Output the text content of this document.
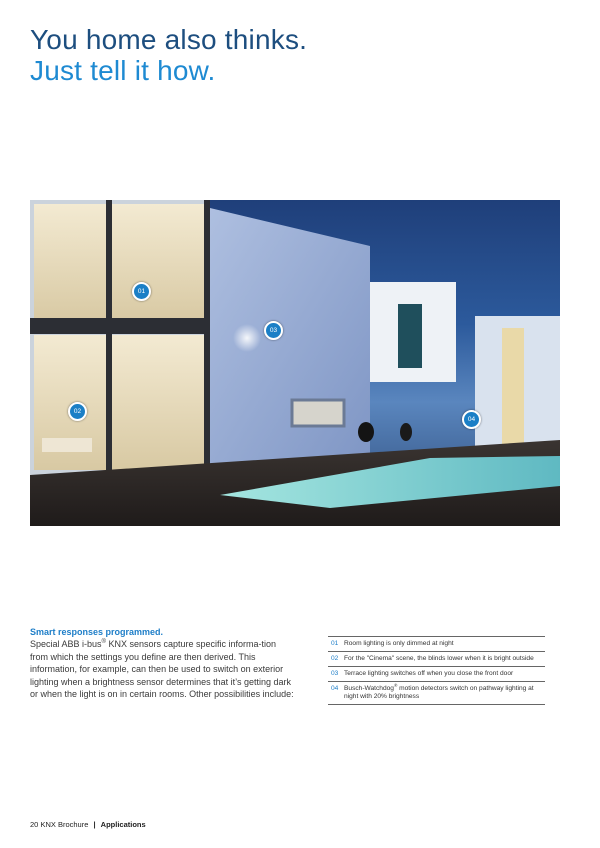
You home also thinks.
Just tell it how.
01
02
03
04
Smart responses programmed.
Special ABB i-bus® KNX sensors capture specific informa-tion from which the settings you define are then derived. This information, for example, can then be used to switch on exterior lighting when a brightness sensor determines that it’s getting dark or when the light is on in certain rooms. Other possibilities include:
01 Room lighting is only dimmed at night
02 For the "Cinema" scene, the blinds lower when it is bright outside
03 Terrace lighting switches off when you close the front door
04 Busch-Watchdog® motion detectors switch on pathway lighting at night with 20% brightness
20 KNX Brochure | Applications
